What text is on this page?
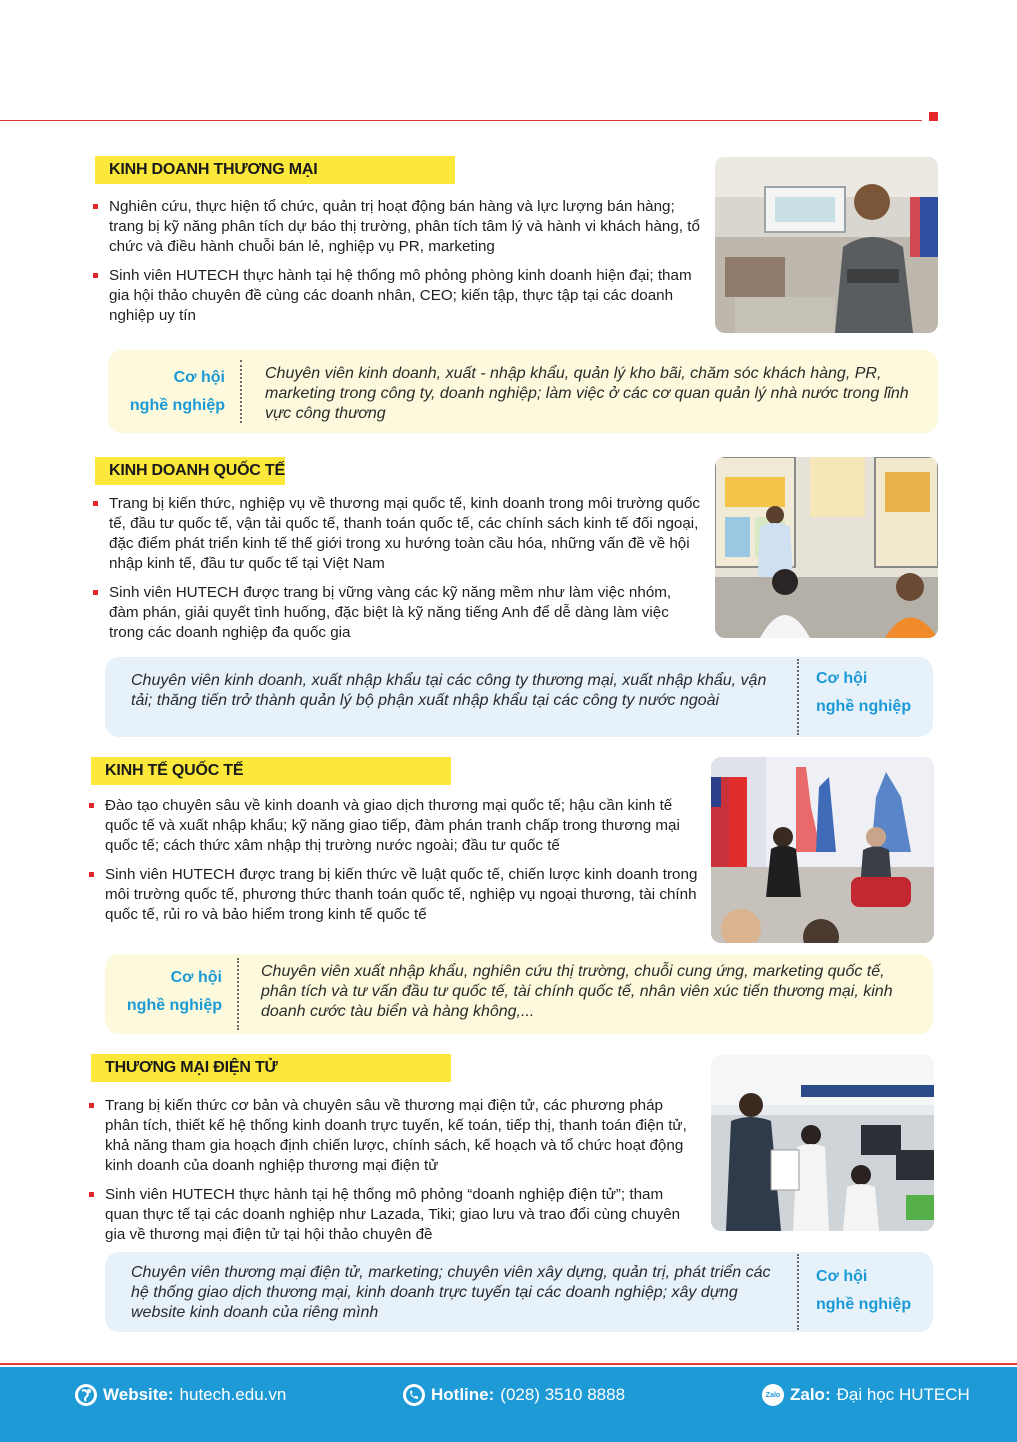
KINH DOANH THƯƠNG MẠI
Nghiên cứu, thực hiện tổ chức, quản trị hoạt động bán hàng và lực lượng bán hàng; trang bị kỹ năng phân tích dự báo thị trường, phân tích tâm lý và hành vi khách hàng, tổ chức và điều hành chuỗi bán lẻ, nghiệp vụ PR, marketing
Sinh viên HUTECH thực hành tại hệ thống mô phỏng phòng kinh doanh hiện đại; tham gia hội thảo chuyên đề cùng các doanh nhân, CEO; kiến tập, thực tập tại các doanh nghiệp uy tín
Cơ hội
nghề nghiệp
Chuyên viên kinh doanh, xuất - nhập khẩu, quản lý kho bãi, chăm sóc khách hàng, PR, marketing trong công ty, doanh nghiệp; làm việc ở các cơ quan quản lý nhà nước trong lĩnh vực công thương
KINH DOANH QUỐC TẾ
Trang bị kiến thức, nghiệp vụ về thương mại quốc tế, kinh doanh trong môi trường quốc tế, đầu tư quốc tế, vận tải quốc tế, thanh toán quốc tế, các chính sách kinh tế đối ngoại, đặc điểm phát triển kinh tế thế giới trong xu hướng toàn cầu hóa, những vấn đề về hội nhập kinh tế, đầu tư quốc tế tại Việt Nam
Sinh viên HUTECH được trang bị vững vàng các kỹ năng mềm như làm việc nhóm, đàm phán, giải quyết tình huống, đặc biệt là kỹ năng tiếng Anh để dễ dàng làm việc trong các doanh nghiệp đa quốc gia
Chuyên viên kinh doanh, xuất nhập khẩu tại các công ty thương mại, xuất nhập khẩu, vận tải; thăng tiến trở thành quản lý bộ phận xuất nhập khẩu tại các công ty nước ngoài
Cơ hội
nghề nghiệp
KINH TẾ QUỐC TẾ
Đào tạo chuyên sâu về kinh doanh và giao dịch thương mại quốc tế; hậu cần kinh tế quốc tế và xuất nhập khẩu; kỹ năng giao tiếp, đàm phán tranh chấp trong thương mại quốc tế; cách thức xâm nhập thị trường nước ngoài; đầu tư quốc tế
Sinh viên HUTECH được trang bị kiến thức về luật quốc tế, chiến lược kinh doanh trong môi trường quốc tế, phương thức thanh toán quốc tế, nghiệp vụ ngoại thương, tài chính quốc tế, rủi ro và bảo hiểm trong kinh tế quốc tế
Cơ hội
nghề nghiệp
Chuyên viên xuất nhập khẩu, nghiên cứu thị trường, chuỗi cung ứng, marketing quốc tế, phân tích và tư vấn đầu tư quốc tế, tài chính quốc tế, nhân viên xúc tiến thương mại, kinh doanh cước tàu biển và hàng không,...
THƯƠNG MẠI ĐIỆN TỬ
Trang bị kiến thức cơ bản và chuyên sâu về thương mại điện tử, các phương pháp phân tích, thiết kế hệ thống kinh doanh trực tuyến, kế toán, tiếp thị, thanh toán điện tử, khả năng tham gia hoạch định chiến lược, chính sách, kế hoạch và tổ chức hoạt động kinh doanh của doanh nghiệp thương mại điện tử
Sinh viên HUTECH thực hành tại hệ thống mô phỏng “doanh nghiệp điện tử”; tham quan thực tế tại các doanh nghiệp như Lazada, Tiki; giao lưu và trao đổi cùng chuyên gia về thương mại điện tử tại hội thảo chuyên đề
Chuyên viên thương mại điện tử, marketing; chuyên viên xây dựng, quản trị, phát triển các hệ thống giao dịch thương mại, kinh doanh trực tuyến tại các doanh nghiệp; xây dựng website kinh doanh của riêng mình
Cơ hội
nghề nghiệp
Website: hutech.edu.vn	Hotline: (028) 3510 8888	Zalo Zalo: Đại học HUTECH
